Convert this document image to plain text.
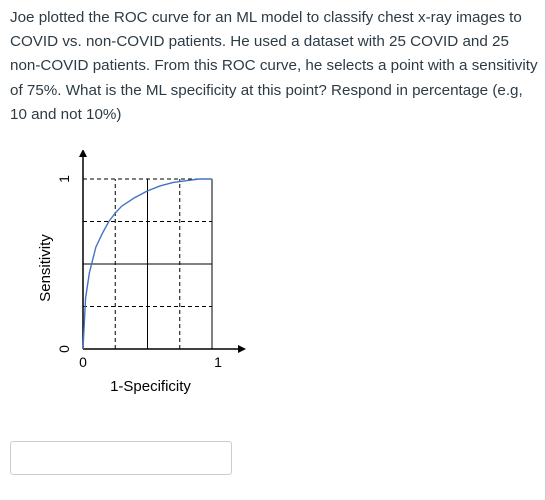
Joe plotted the ROC curve for an ML model to classify chest x-ray images to COVID vs. non-COVID patients. He used a dataset with 25 COVID and 25 non-COVID patients. From this ROC curve, he selects a point with a sensitivity of 75%. What is the ML specificity at this point? Respond in percentage (e.g, 10 and not 10%)

0	1
0
1
1-Specificity
Sensitivity
